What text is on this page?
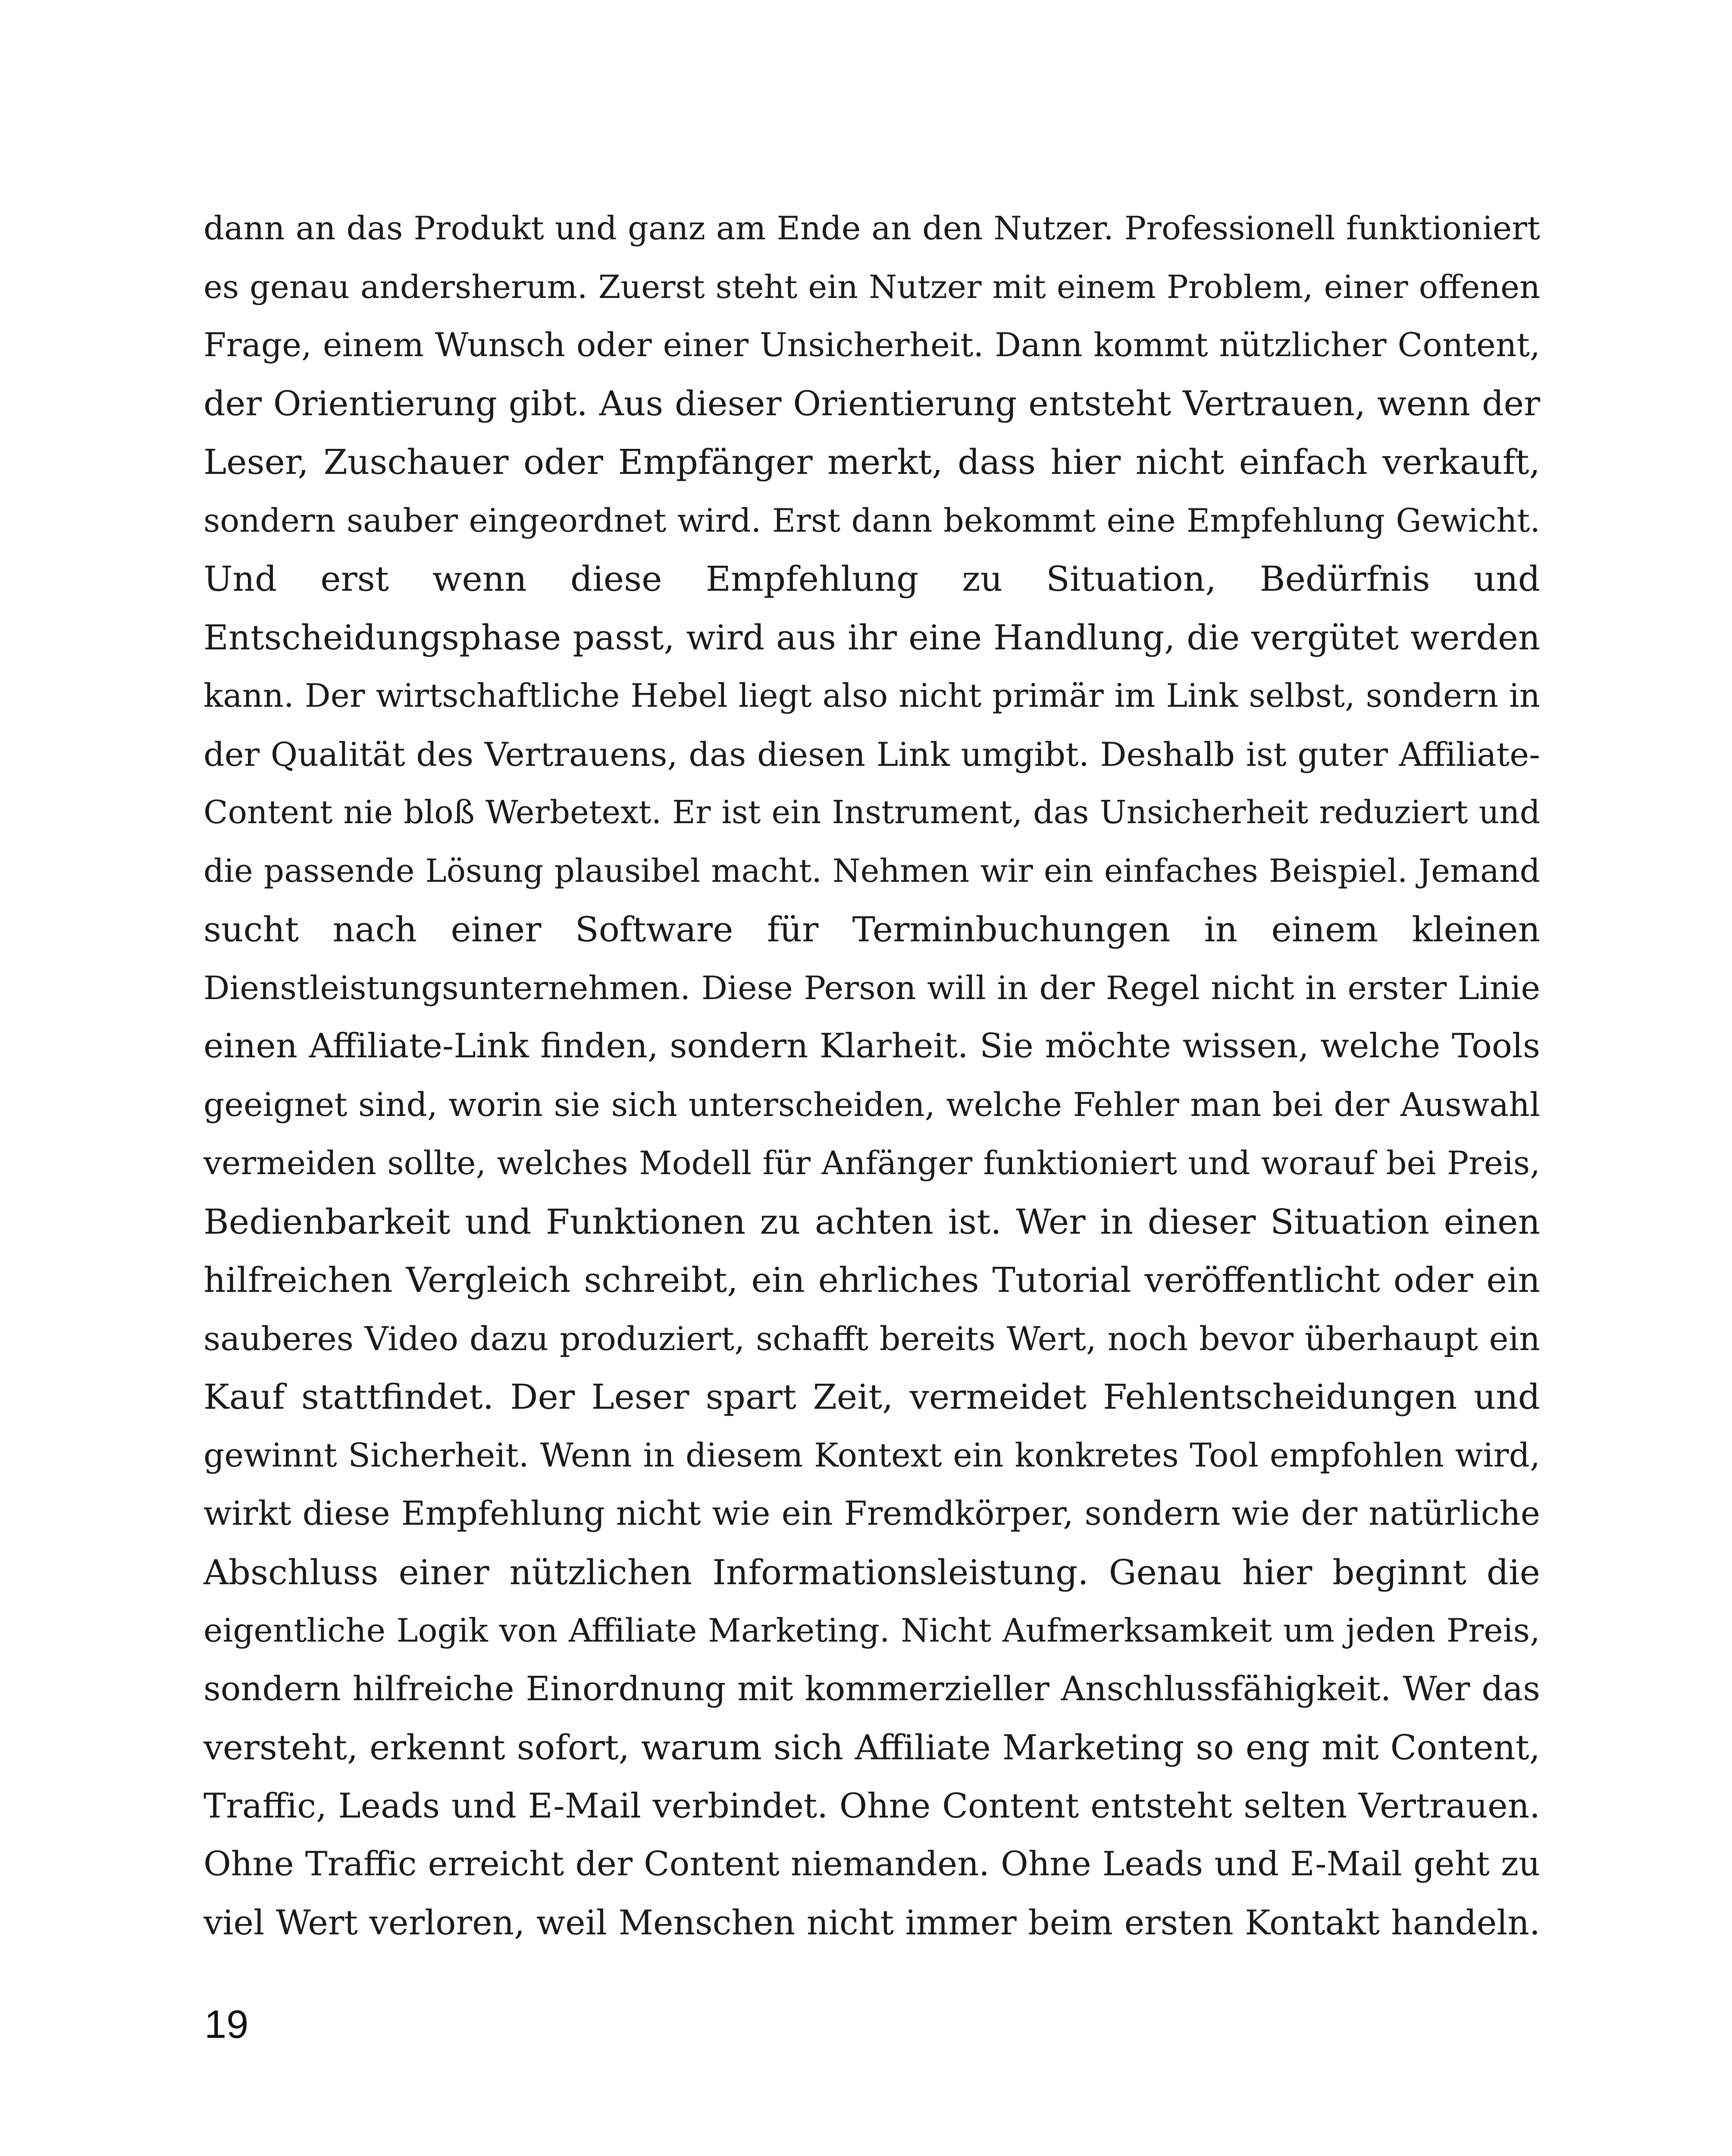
dann an das Produkt und ganz am Ende an den Nutzer. Professionell funktioniert
es genau andersherum. Zuerst steht ein Nutzer mit einem Problem, einer offenen
Frage, einem Wunsch oder einer Unsicherheit. Dann kommt nützlicher Content,
der Orientierung gibt. Aus dieser Orientierung entsteht Vertrauen, wenn der
Leser, Zuschauer oder Empfänger merkt, dass hier nicht einfach verkauft,
sondern sauber eingeordnet wird. Erst dann bekommt eine Empfehlung Gewicht.
Und erst wenn diese Empfehlung zu Situation, Bedürfnis und
Entscheidungsphase passt, wird aus ihr eine Handlung, die vergütet werden
kann. Der wirtschaftliche Hebel liegt also nicht primär im Link selbst, sondern in
der Qualität des Vertrauens, das diesen Link umgibt. Deshalb ist guter Affiliate-
Content nie bloß Werbetext. Er ist ein Instrument, das Unsicherheit reduziert und
die passende Lösung plausibel macht. Nehmen wir ein einfaches Beispiel. Jemand
sucht nach einer Software für Terminbuchungen in einem kleinen
Dienstleistungsunternehmen. Diese Person will in der Regel nicht in erster Linie
einen Affiliate-Link finden, sondern Klarheit. Sie möchte wissen, welche Tools
geeignet sind, worin sie sich unterscheiden, welche Fehler man bei der Auswahl
vermeiden sollte, welches Modell für Anfänger funktioniert und worauf bei Preis,
Bedienbarkeit und Funktionen zu achten ist. Wer in dieser Situation einen
hilfreichen Vergleich schreibt, ein ehrliches Tutorial veröffentlicht oder ein
sauberes Video dazu produziert, schafft bereits Wert, noch bevor überhaupt ein
Kauf stattfindet. Der Leser spart Zeit, vermeidet Fehlentscheidungen und
gewinnt Sicherheit. Wenn in diesem Kontext ein konkretes Tool empfohlen wird,
wirkt diese Empfehlung nicht wie ein Fremdkörper, sondern wie der natürliche
Abschluss einer nützlichen Informationsleistung. Genau hier beginnt die
eigentliche Logik von Affiliate Marketing. Nicht Aufmerksamkeit um jeden Preis,
sondern hilfreiche Einordnung mit kommerzieller Anschlussfähigkeit. Wer das
versteht, erkennt sofort, warum sich Affiliate Marketing so eng mit Content,
Traffic, Leads und E-Mail verbindet. Ohne Content entsteht selten Vertrauen.
Ohne Traffic erreicht der Content niemanden. Ohne Leads und E-Mail geht zu
viel Wert verloren, weil Menschen nicht immer beim ersten Kontakt handeln.
19
